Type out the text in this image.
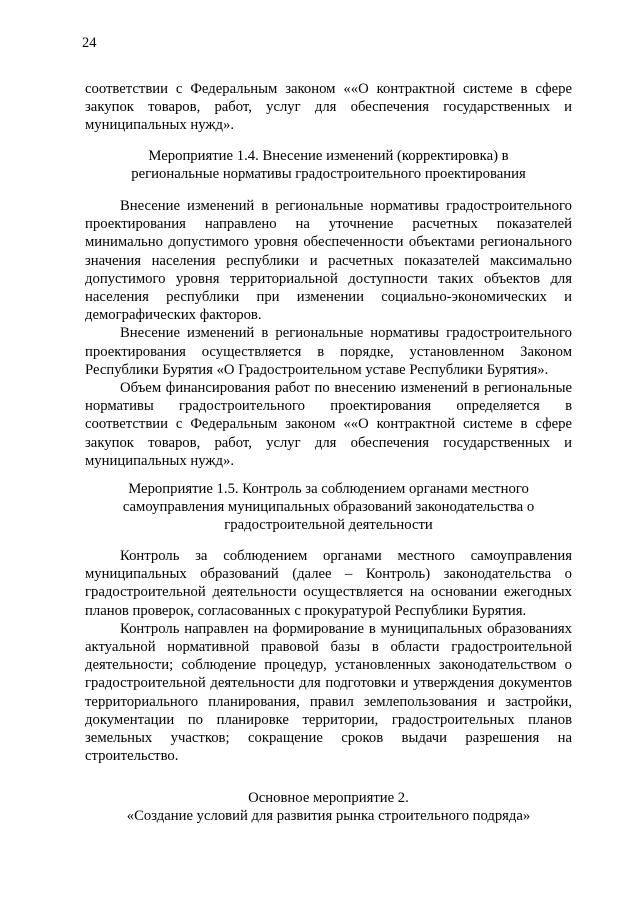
24

соответствии с Федеральным законом ««О контрактной системе в сфере закупок товаров, работ, услуг для обеспечения государственных и муниципальных нужд».

Мероприятие 1.4. Внесение изменений (корректировка) в
региональные нормативы градостроительного проектирования

Внесение изменений в региональные нормативы градостроительного проектирования направлено на уточнение расчетных показателей минимально допустимого уровня обеспеченности объектами регионального значения населения республики и расчетных показателей максимально допустимого уровня территориальной доступности таких объектов для населения республики при изменении социально-экономических и демографических факторов.

Внесение изменений в региональные нормативы градостроительного проектирования осуществляется в порядке, установленном Законом Республики Бурятия «О Градостроительном уставе Республики Бурятия».

Объем финансирования работ по внесению изменений в региональные нормативы градостроительного проектирования определяется в соответствии с Федеральным законом ««О контрактной системе в сфере закупок товаров, работ, услуг для обеспечения государственных и муниципальных нужд».

Мероприятие 1.5. Контроль за соблюдением органами местного
самоуправления муниципальных образований законодательства о
градостроительной деятельности

Контроль за соблюдением органами местного самоуправления муниципальных образований (далее – Контроль) законодательства о градостроительной деятельности осуществляется на основании ежегодных планов проверок, согласованных с прокуратурой Республики Бурятия.

Контроль направлен на формирование в муниципальных образованиях актуальной нормативной правовой базы в области градостроительной деятельности; соблюдение процедур, установленных законодательством о градостроительной деятельности для подготовки и утверждения документов территориального планирования, правил землепользования и застройки, документации по планировке территории, градостроительных планов земельных участков; сокращение сроков выдачи разрешения на строительство.

Основное мероприятие 2.
«Создание условий для развития рынка строительного подряда»
